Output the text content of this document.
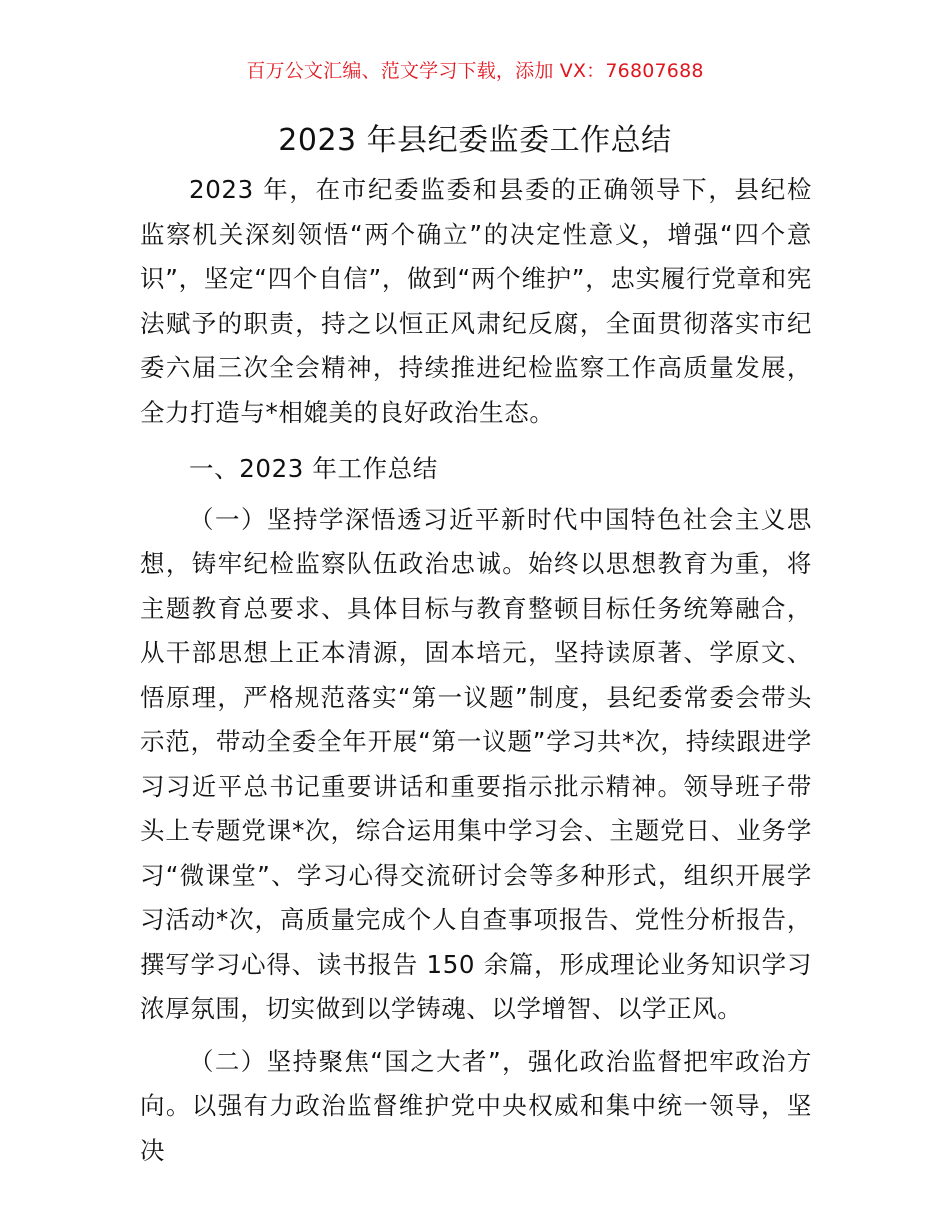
百万公文汇编、范文学习下载，添加 VX：76807688
2023 年县纪委监委工作总结

2023 年，在市纪委监委和县委的正确领导下，县纪检监察机关深刻领悟“两个确立”的决定性意义，增强“四个意识”，坚定“四个自信”，做到“两个维护”，忠实履行党章和宪法赋予的职责，持之以恒正风肃纪反腐，全面贯彻落实市纪委六届三次全会精神，持续推进纪检监察工作高质量发展，全力打造与*相媲美的良好政治生态。

一、2023 年工作总结

（一）坚持学深悟透习近平新时代中国特色社会主义思想，铸牢纪检监察队伍政治忠诚。始终以思想教育为重，将主题教育总要求、具体目标与教育整顿目标任务统筹融合，从干部思想上正本清源，固本培元，坚持读原著、学原文、悟原理，严格规范落实“第一议题”制度，县纪委常委会带头示范，带动全委全年开展“第一议题”学习共*次，持续跟进学习习近平总书记重要讲话和重要指示批示精神。领导班子带头上专题党课*次，综合运用集中学习会、主题党日、业务学习“微课堂”、学习心得交流研讨会等多种形式，组织开展学习活动*次，高质量完成个人自查事项报告、党性分析报告，撰写学习心得、读书报告 150 余篇，形成理论业务知识学习浓厚氛围，切实做到以学铸魂、以学增智、以学正风。

（二）坚持聚焦“国之大者”，强化政治监督把牢政治方向。以强有力政治监督维护党中央权威和集中统一领导，坚决
